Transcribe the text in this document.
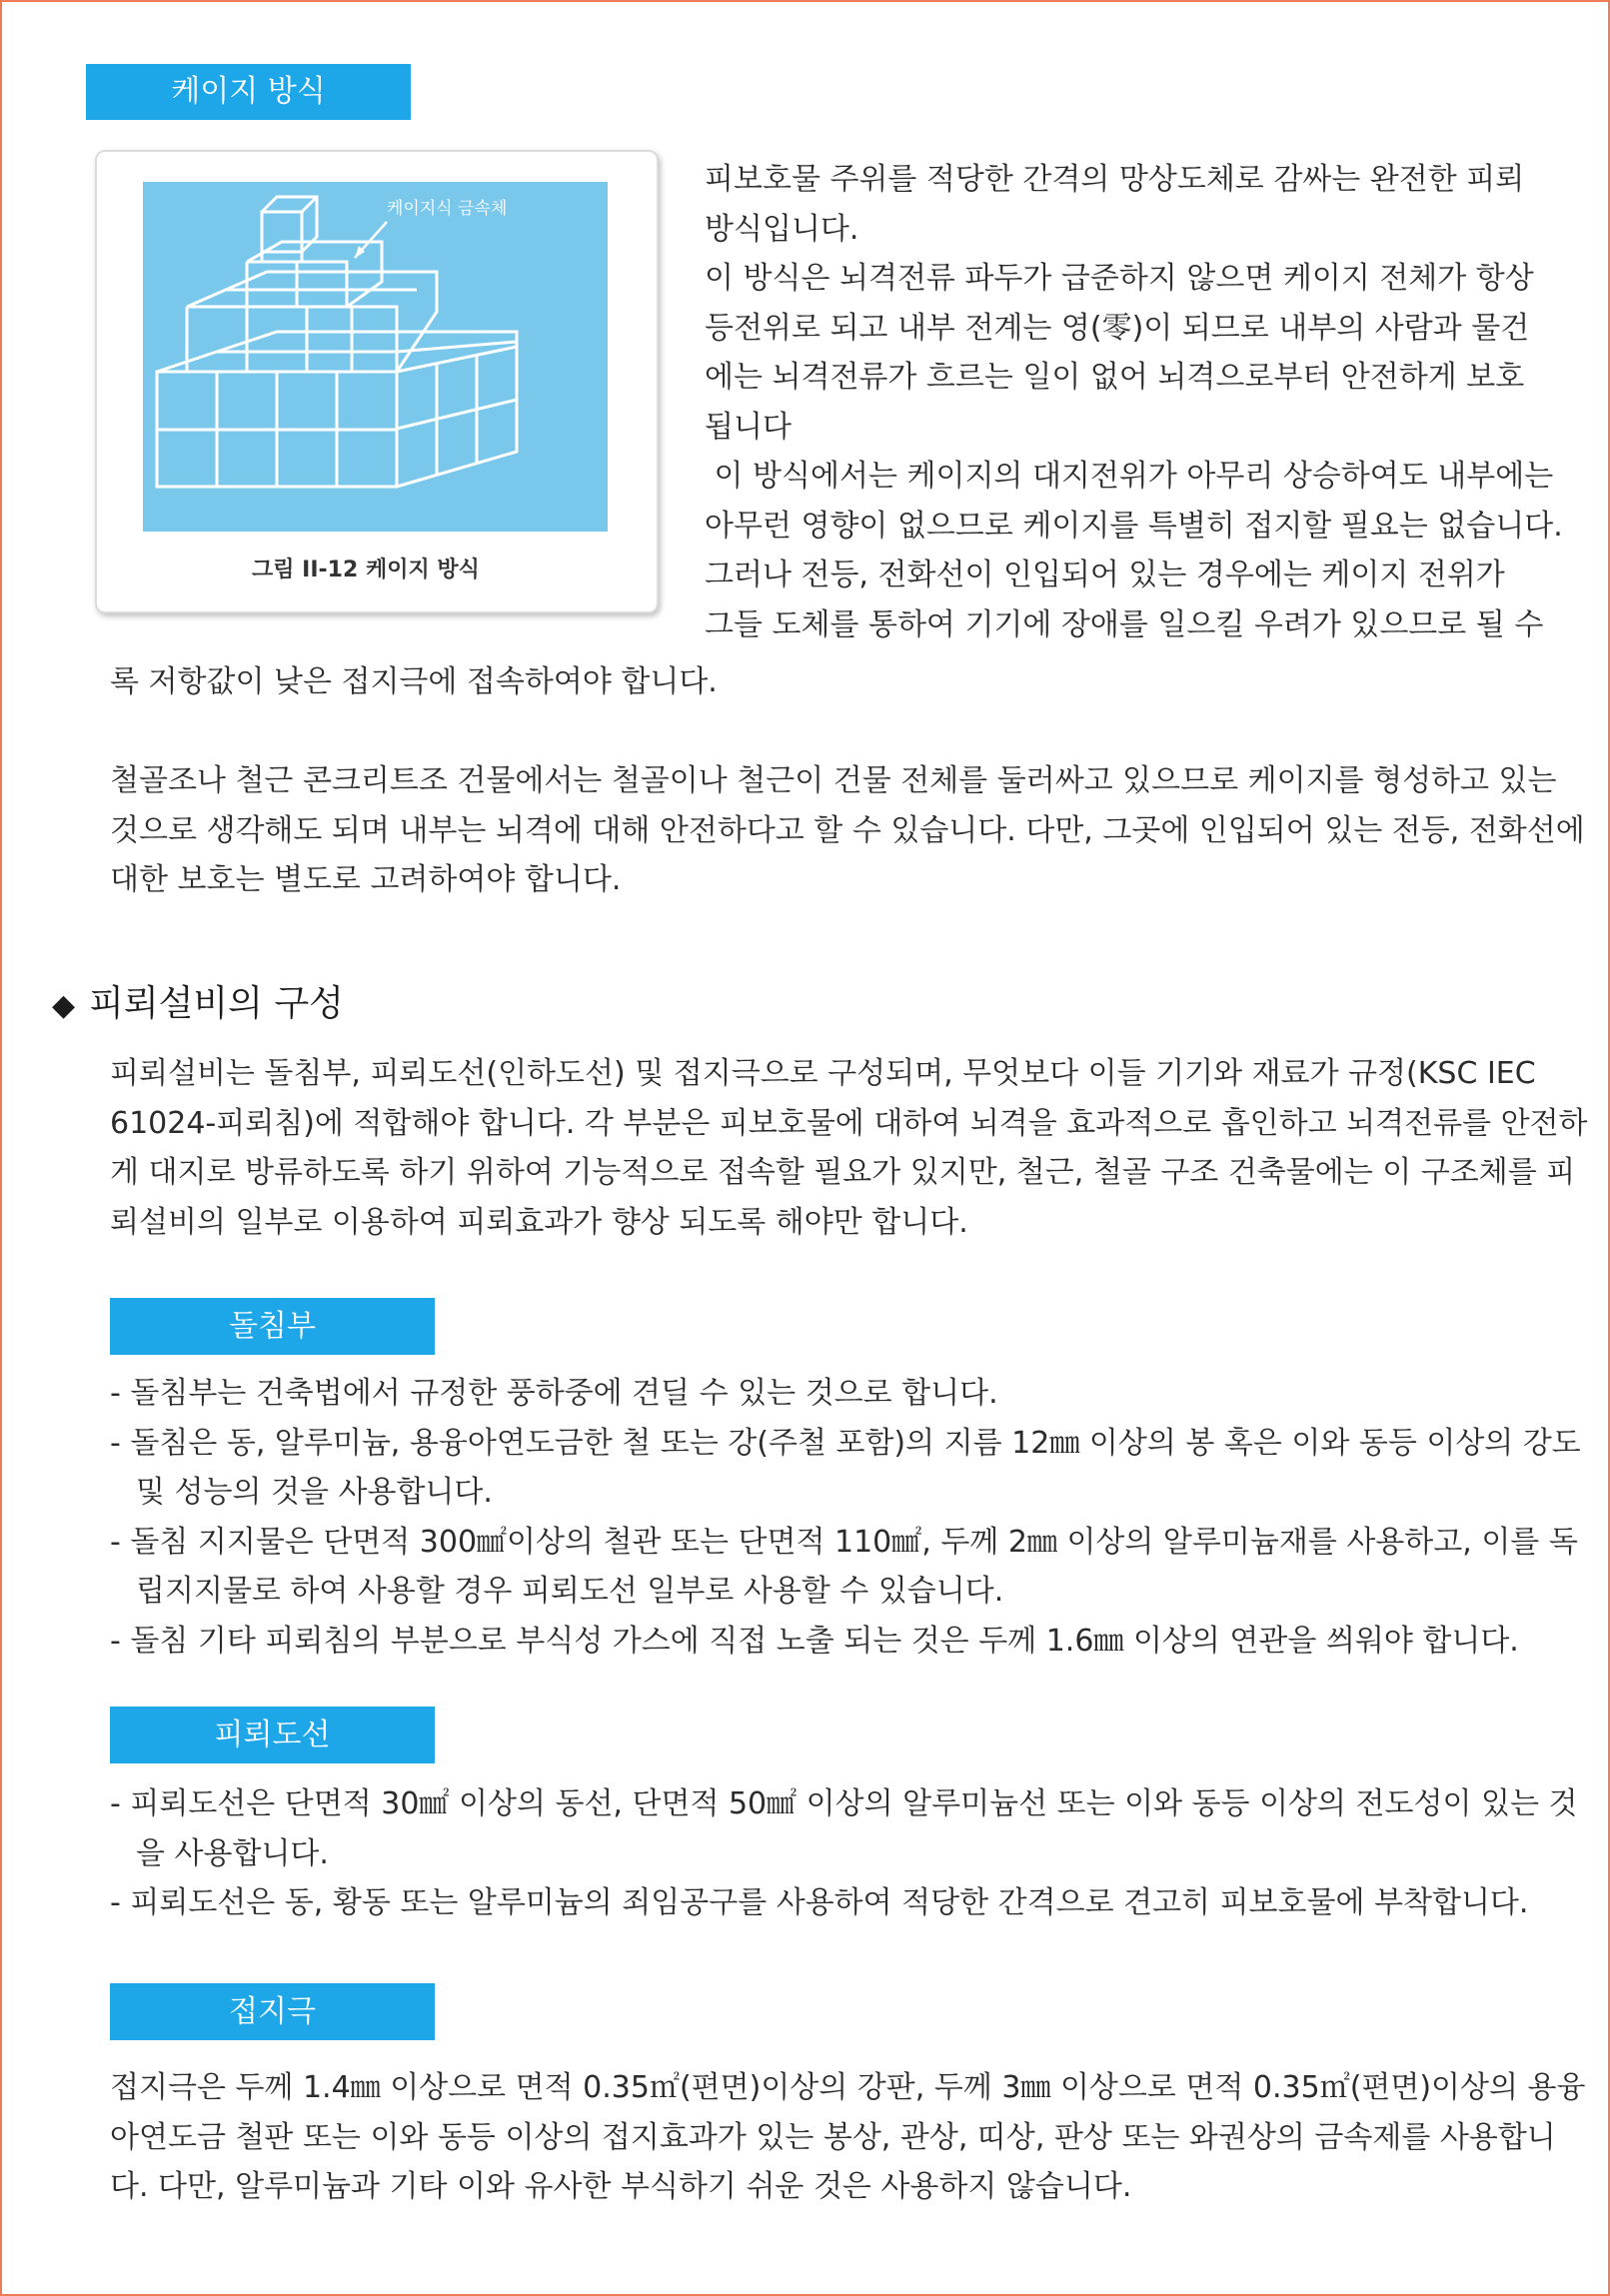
케이지 방식
케이지식 금속체
그림 II-12 케이지 방식
피보호물 주위를 적당한 간격의 망상도체로 감싸는 완전한 피뢰
방식입니다.
이 방식은 뇌격전류 파두가 급준하지 않으면 케이지 전체가 항상
등전위로 되고 내부 전계는 영(零)이 되므로 내부의 사람과 물건
에는 뇌격전류가 흐르는 일이 없어 뇌격으로부터 안전하게 보호
됩니다
이 방식에서는 케이지의 대지전위가 아무리 상승하여도 내부에는
아무런 영향이 없으므로 케이지를 특별히 접지할 필요는 없습니다.
그러나 전등, 전화선이 인입되어 있는 경우에는 케이지 전위가
그들 도체를 통하여 기기에 장애를 일으킬 우려가 있으므로 될 수
록 저항값이 낮은 접지극에 접속하여야 합니다.
철골조나 철근 콘크리트조 건물에서는 철골이나 철근이 건물 전체를 둘러싸고 있으므로 케이지를 형성하고 있는 것으로 생각해도 되며 내부는 뇌격에 대해 안전하다고 할 수 있습니다. 다만, 그곳에 인입되어 있는 전등, 전화선에 대한 보호는 별도로 고려하여야 합니다.
◆ 피뢰설비의 구성
피뢰설비는 돌침부, 피뢰도선(인하도선) 및 접지극으로 구성되며, 무엇보다 이들 기기와 재료가 규정(KSC IEC 61024-피뢰침)에 적합해야 합니다. 각 부분은 피보호물에 대하여 뇌격을 효과적으로 흡인하고 뇌격전류를 안전하게 대지로 방류하도록 하기 위하여 기능적으로 접속할 필요가 있지만, 철근, 철골 구조 건축물에는 이 구조체를 피뢰설비의 일부로 이용하여 피뢰효과가 향상 되도록 해야만 합니다.
돌침부
- 돌침부는 건축법에서 규정한 풍하중에 견딜 수 있는 것으로 합니다.
- 돌침은 동, 알루미늄, 용융아연도금한 철 또는 강(주철 포함)의 지름 12㎜ 이상의 봉 혹은 이와 동등 이상의 강도 및 성능의 것을 사용합니다.
- 돌침 지지물은 단면적 300㎟이상의 철관 또는 단면적 110㎟, 두께 2㎜ 이상의 알루미늄재를 사용하고, 이를 독립지지물로 하여 사용할 경우 피뢰도선 일부로 사용할 수 있습니다.
- 돌침 기타 피뢰침의 부분으로 부식성 가스에 직접 노출 되는 것은 두께 1.6㎜ 이상의 연관을 씌워야 합니다.
피뢰도선
- 피뢰도선은 단면적 30㎟ 이상의 동선, 단면적 50㎟ 이상의 알루미늄선 또는 이와 동등 이상의 전도성이 있는 것을 사용합니다.
- 피뢰도선은 동, 황동 또는 알루미늄의 죄임공구를 사용하여 적당한 간격으로 견고히 피보호물에 부착합니다.
접지극
접지극은 두께 1.4㎜ 이상으로 면적 0.35㎡(편면)이상의 강판, 두께 3㎜ 이상으로 면적 0.35㎡(편면)이상의 용융아연도금 철판 또는 이와 동등 이상의 접지효과가 있는 봉상, 관상, 띠상, 판상 또는 와권상의 금속제를 사용합니다. 다만, 알루미늄과 기타 이와 유사한 부식하기 쉬운 것은 사용하지 않습니다.
